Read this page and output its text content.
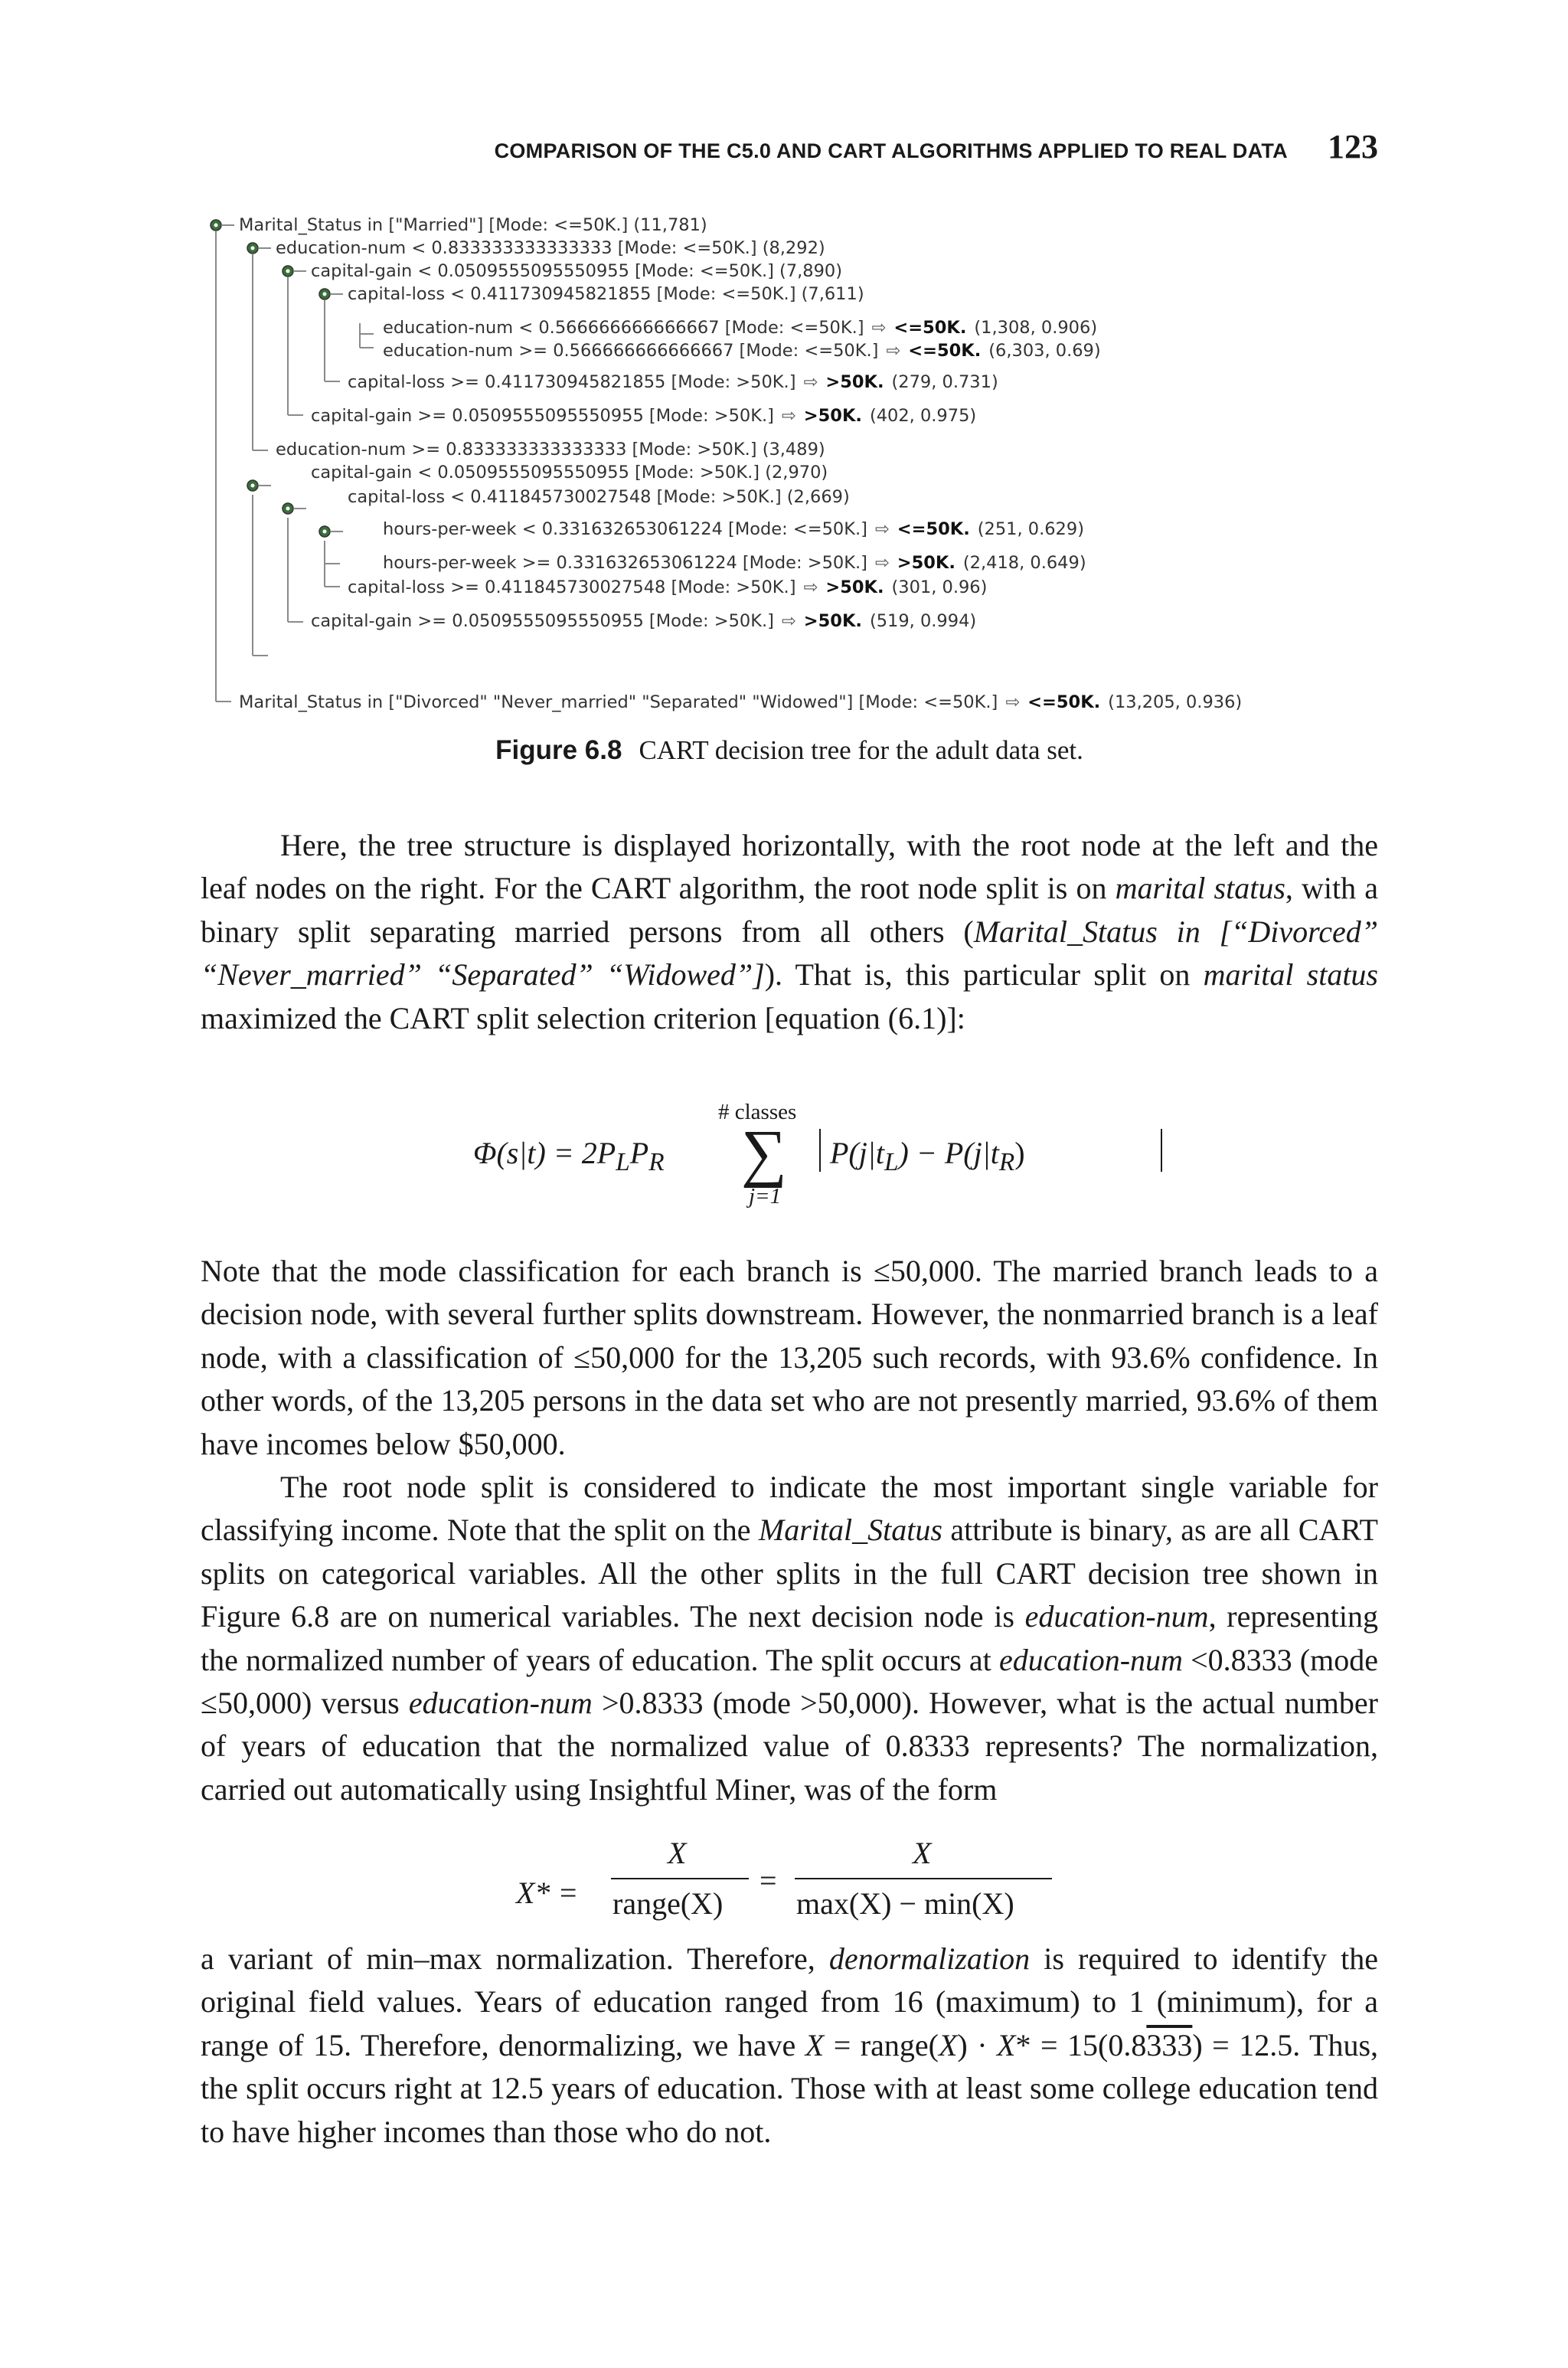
COMPARISON OF THE C5.0 AND CART ALGORITHMS APPLIED TO REAL DATA 123
Marital_Status in ["Married"] [Mode: <=50K.] (11,781)
education-num < 0.833333333333333 [Mode: <=50K.] (8,292)
capital-gain < 0.0509555095550955 [Mode: <=50K.] (7,890)
capital-loss < 0.411730945821855 [Mode: <=50K.] (7,611)
education-num < 0.566666666666667 [Mode: <=50K.] ⇨ <=50K. (1,308, 0.906)
education-num >= 0.566666666666667 [Mode: <=50K.] ⇨ <=50K. (6,303, 0.69)
capital-loss >= 0.411730945821855 [Mode: >50K.] ⇨ >50K. (279, 0.731)
capital-gain >= 0.0509555095550955 [Mode: >50K.] ⇨ >50K. (402, 0.975)
education-num >= 0.833333333333333 [Mode: >50K.] (3,489)
capital-gain < 0.0509555095550955 [Mode: >50K.] (2,970)
capital-loss < 0.411845730027548 [Mode: >50K.] (2,669)
hours-per-week < 0.331632653061224 [Mode: <=50K.] ⇨ <=50K. (251, 0.629)
hours-per-week >= 0.331632653061224 [Mode: >50K.] ⇨ >50K. (2,418, 0.649)
capital-loss >= 0.411845730027548 [Mode: >50K.] ⇨ >50K. (301, 0.96)
capital-gain >= 0.0509555095550955 [Mode: >50K.] ⇨ >50K. (519, 0.994)
Marital_Status in ["Divorced" "Never_married" "Separated" "Widowed"] [Mode: <=50K.] ⇨ <=50K. (13,205, 0.936)
Figure 6.8 CART decision tree for the adult data set.
Here, the tree structure is displayed horizontally, with the root node at the left and the leaf nodes on the right. For the CART algorithm, the root node split is on marital status, with a binary split separating married persons from all others (Marital_Status in [“Divorced” “Never_married” “Separated” “Widowed”]). That is, this particular split on marital status maximized the CART split selection criterion [equation (6.1)]:
$\Phi(s|t) = 2P_LP_R$
# classes
∑
j=1
$P(j|t_L) - P(j|t_R)$
Note that the mode classification for each branch is ≤50,000. The married branch leads to a decision node, with several further splits downstream. However, the nonmarried branch is a leaf node, with a classification of ≤50,000 for the 13,205 such records, with 93.6% confidence. In other words, of the 13,205 persons in the data set who are not presently married, 93.6% of them have incomes below $50,000.
The root node split is considered to indicate the most important single variable for classifying income. Note that the split on the Marital_Status attribute is binary, as are all CART splits on categorical variables. All the other splits in the full CART decision tree shown in Figure 6.8 are on numerical variables. The next decision node is education-num, representing the normalized number of years of education. The split occurs at education-num <0.8333 (mode ≤50,000) versus education-num >0.8333 (mode >50,000). However, what is the actual number of years of education that the normalized value of 0.8333 represents? The normalization, carried out automatically using Insightful Miner, was of the form
X* =
X
range(X)
=
X
max(X) − min(X)
a variant of min–max normalization. Therefore, denormalization is required to identify the original field values. Years of education ranged from 16 (maximum) to 1 (minimum), for a range of 15. Therefore, denormalizing, we have X = range(X) · X* = 15(0.8333) = 12.5. Thus, the split occurs right at 12.5 years of education. Those with at least some college education tend to have higher incomes than those who do not.
